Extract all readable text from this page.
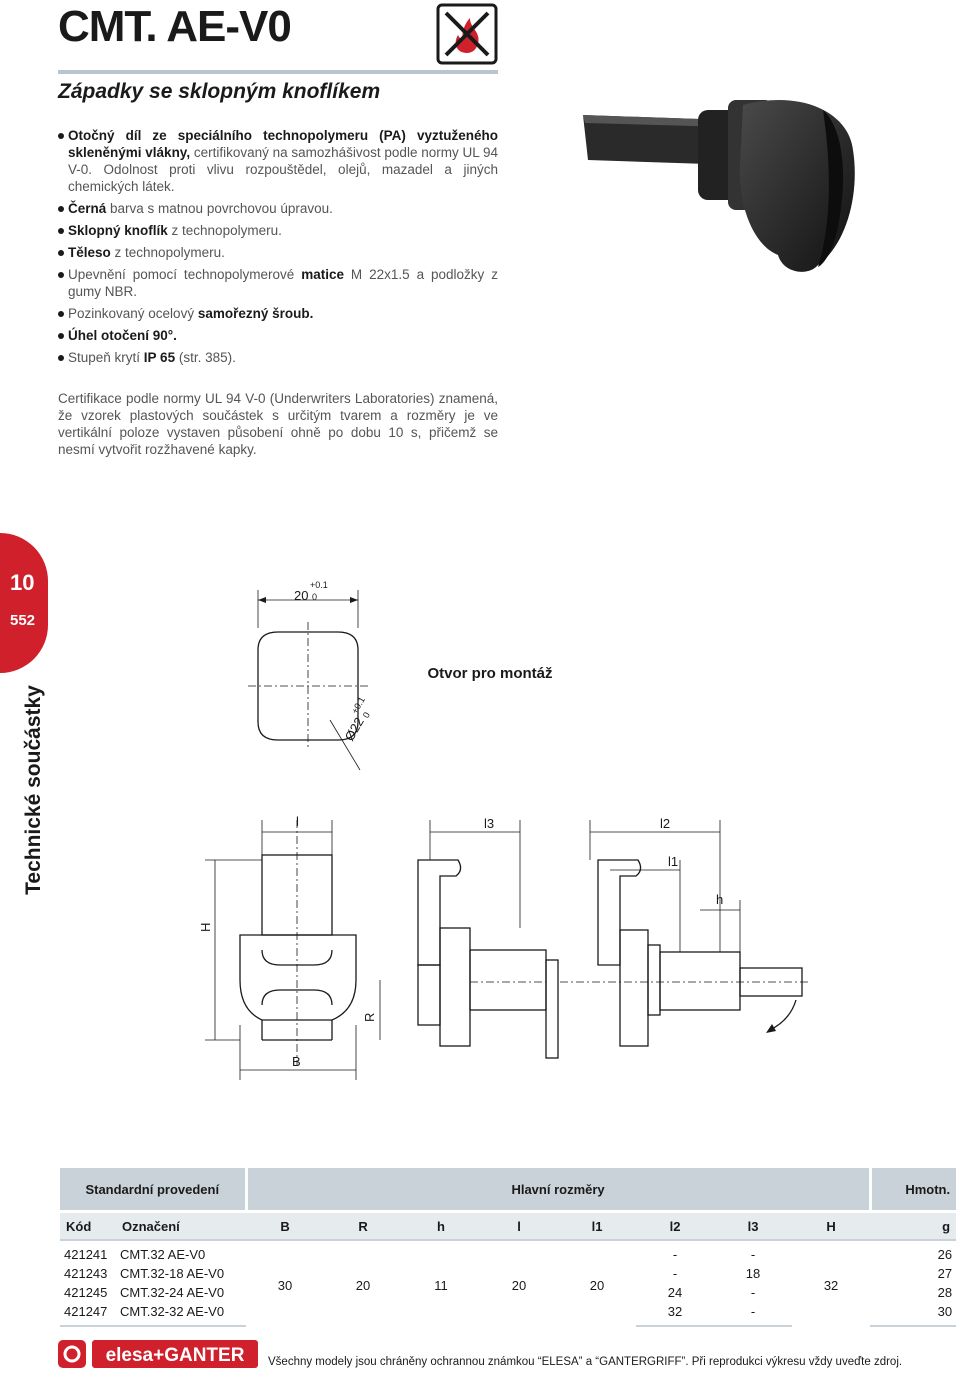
CMT. AE-V0
Západky se sklopným knoflíkem
Otočný díl ze speciálního technopolymeru (PA) vyztuženého skleněnými vlákny, certifikovaný na samozhášivost podle normy UL 94 V-0. Odolnost proti vlivu rozpouštědel, olejů, mazadel a jiných chemických látek.
Černá barva s matnou povrchovou úpravou.
Sklopný knoflík z technopolymeru.
Těleso z technopolymeru.
Upevnění pomocí technopolymerové matice M 22x1.5 a podložky z gumy NBR.
Pozinkovaný ocelový samořezný šroub.
Úhel otočení 90°.
Stupeň krytí IP 65 (str. 385).

Certifikace podle normy UL 94 V-0 (Underwriters Laboratories) znamená, že vzorek plastových součástek s určitým tvarem a rozměry je ve vertikální poloze vystaven působení ohně po dobu 10 s, přičemž se nesmí vytvořit rozžhavené kapky.

10
552
Technické součástky
Otvor pro montáž
20
+0.1
0
Ø22
+0.1
0
l	l3	l2
l1
h
H
R
B
Standardní provedení		Hlavní rozměry								Hmotn.
Kód	Označení	B	R	h	l	l1	l2	l3	H	g
421241	CMT.32 AE-V0	30	20	11	20	20	-	-	32	26
421243	CMT.32-18 AE-V0						-	18		27
421245	CMT.32-24 AE-V0						24	-		28
421247	CMT.32-32 AE-V0						32	-		30
elesa+GANTER Všechny modely jsou chráněny ochrannou známkou “ELESA” a “GANTERGRIFF”. Při reprodukci výkresu vždy uveďte zdroj.
